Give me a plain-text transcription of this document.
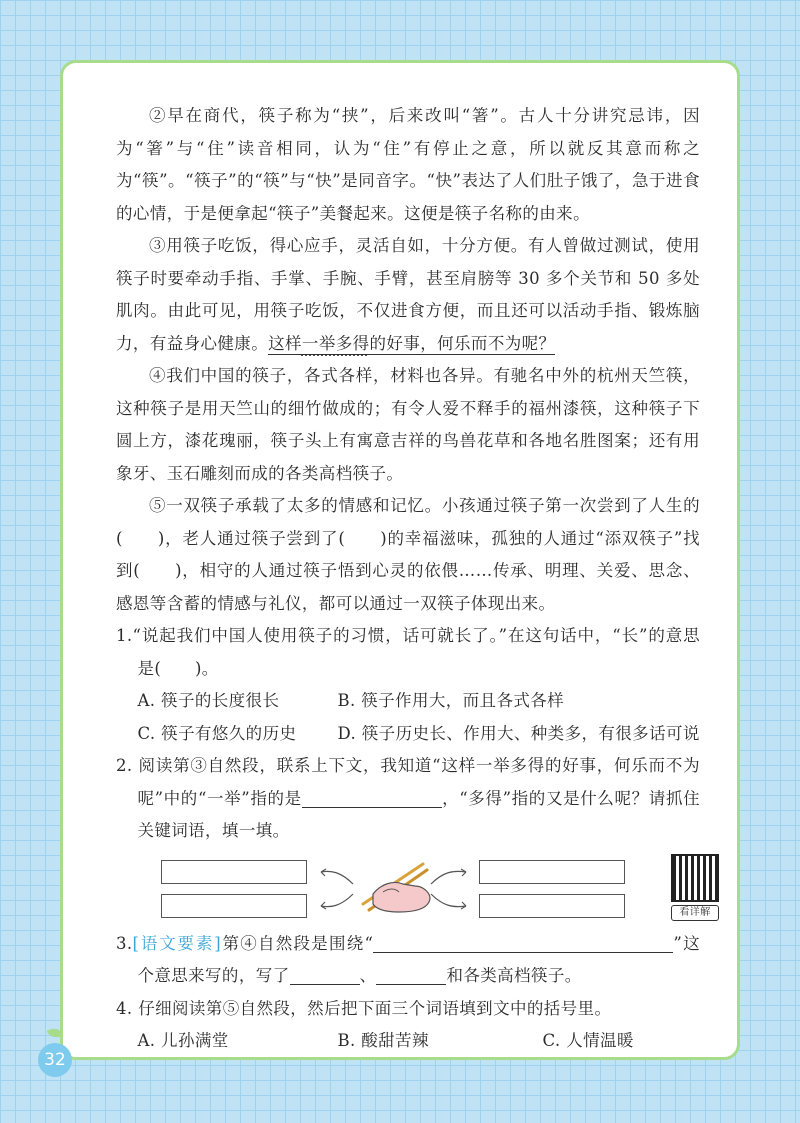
②早在商代，筷子称为“挟”，后来改叫“箸”。古人十分讲究忌讳，因为“箸”与“住”读音相同，认为“住”有停止之意，所以就反其意而称之为“筷”。“筷子”的“筷”与“快”是同音字。“快”表达了人们肚子饿了，急于进食的心情，于是便拿起“筷子”美餐起来。这便是筷子名称的由来。

③用筷子吃饭，得心应手，灵活自如，十分方便。有人曾做过测试，使用筷子时要牵动手指、手掌、手腕、手臂，甚至肩膀等 30 多个关节和 50 多处肌肉。由此可见，用筷子吃饭，不仅进食方便，而且还可以活动手指、锻炼脑力，有益身心健康。这样一举多得的好事，何乐而不为呢？

④我们中国的筷子，各式各样，材料也各异。有驰名中外的杭州天竺筷，这种筷子是用天竺山的细竹做成的；有令人爱不释手的福州漆筷，这种筷子下圆上方，漆花瑰丽，筷子头上有寓意吉祥的鸟兽花草和各地名胜图案；还有用象牙、玉石雕刻而成的各类高档筷子。

⑤一双筷子承载了太多的情感和记忆。小孩通过筷子第一次尝到了人生的(　　)，老人通过筷子尝到了(　　)的幸福滋味，孤独的人通过“添双筷子”找到(　　)，相守的人通过筷子悟到心灵的依偎……传承、明理、关爱、思念、感恩等含蓄的情感与礼仪，都可以通过一双筷子体现出来。

1.“说起我们中国人使用筷子的习惯，话可就长了。”在这句话中，“长”的意思是(　　)。

A. 筷子的长度很长	B. 筷子作用大，而且各式各样
C. 筷子有悠久的历史	D. 筷子历史长、作用大、种类多，有很多话可说

2. 阅读第③自然段，联系上下文，我知道“这样一举多得的好事，何乐而不为呢”中的“一举”指的是	，“多得”指的又是什么呢？请抓住关键词语，填一填。

看详解

3.[语文要素]第④自然段是围绕“	”这个意思来写的，写了	、	和各类高档筷子。

4. 仔细阅读第⑤自然段，然后把下面三个词语填到文中的括号里。

A. 儿孙满堂	B. 酸甜苦辣	C. 人情温暖
32
